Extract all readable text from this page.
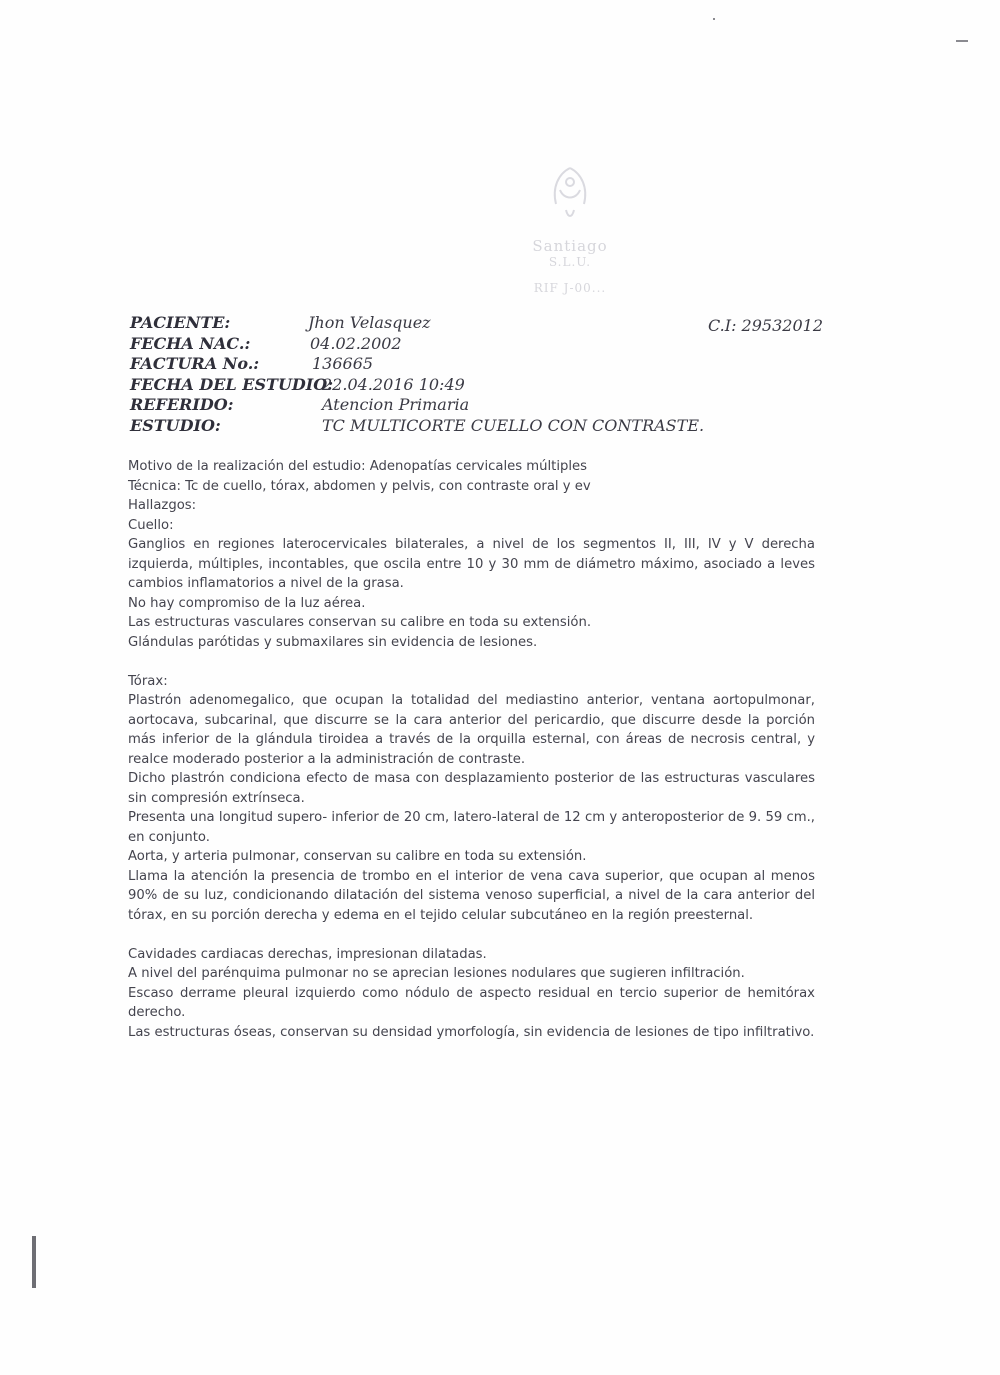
Santiago
S.L.U.
RIF J-00...
PACIENTE:	Jhon Velasquez
FECHA NAC.:	04.02.2002
FACTURA No.:	136665
FECHA DEL ESTUDIO:
22.04.2016 10:49
REFERIDO:	Atencion Primaria
ESTUDIO:	TC MULTICORTE CUELLO CON CONTRASTE.
C.I: 29532012

Motivo de la realización del estudio: Adenopatías cervicales múltiples

Técnica: Tc de cuello, tórax, abdomen y pelvis, con contraste oral y ev

Hallazgos:

Cuello:

Ganglios en regiones laterocervicales bilaterales, a nivel de los segmentos II, III, IV y V derecha izquierda, múltiples, incontables, que oscila entre 10 y 30 mm de diámetro máximo, asociado a leves cambios inflamatorios a nivel de la grasa.

No hay compromiso de la luz aérea.

Las estructuras vasculares conservan su calibre en toda su extensión.

Glándulas parótidas y submaxilares sin evidencia de lesiones.

Tórax:

Plastrón adenomegalico, que ocupan la totalidad del mediastino anterior, ventana aortopulmonar, aortocava, subcarinal, que discurre se la cara anterior del pericardio, que discurre desde la porción más inferior de la glándula tiroidea a través de la orquilla esternal, con áreas de necrosis central, y realce moderado posterior a la administración de contraste.

Dicho plastrón condiciona efecto de masa con desplazamiento posterior de las estructuras vasculares sin compresión extrínseca.

Presenta una longitud supero- inferior de 20 cm, latero-lateral de 12 cm y anteroposterior de 9. 59 cm., en conjunto.

Aorta, y arteria pulmonar, conservan su calibre en toda su extensión.

Llama la atención la presencia de trombo en el interior de vena cava superior, que ocupan al menos 90% de su luz, condicionando dilatación del sistema venoso superficial, a nivel de la cara anterior del tórax, en su porción derecha y edema en el tejido celular subcutáneo en la región preesternal.

Cavidades cardiacas derechas, impresionan dilatadas.

A nivel del parénquima pulmonar no se aprecian lesiones nodulares que sugieren infiltración.

Escaso derrame pleural izquierdo como nódulo de aspecto residual en tercio superior de hemitórax derecho.

Las estructuras óseas, conservan su densidad ymorfología, sin evidencia de lesiones de tipo infiltrativo.
